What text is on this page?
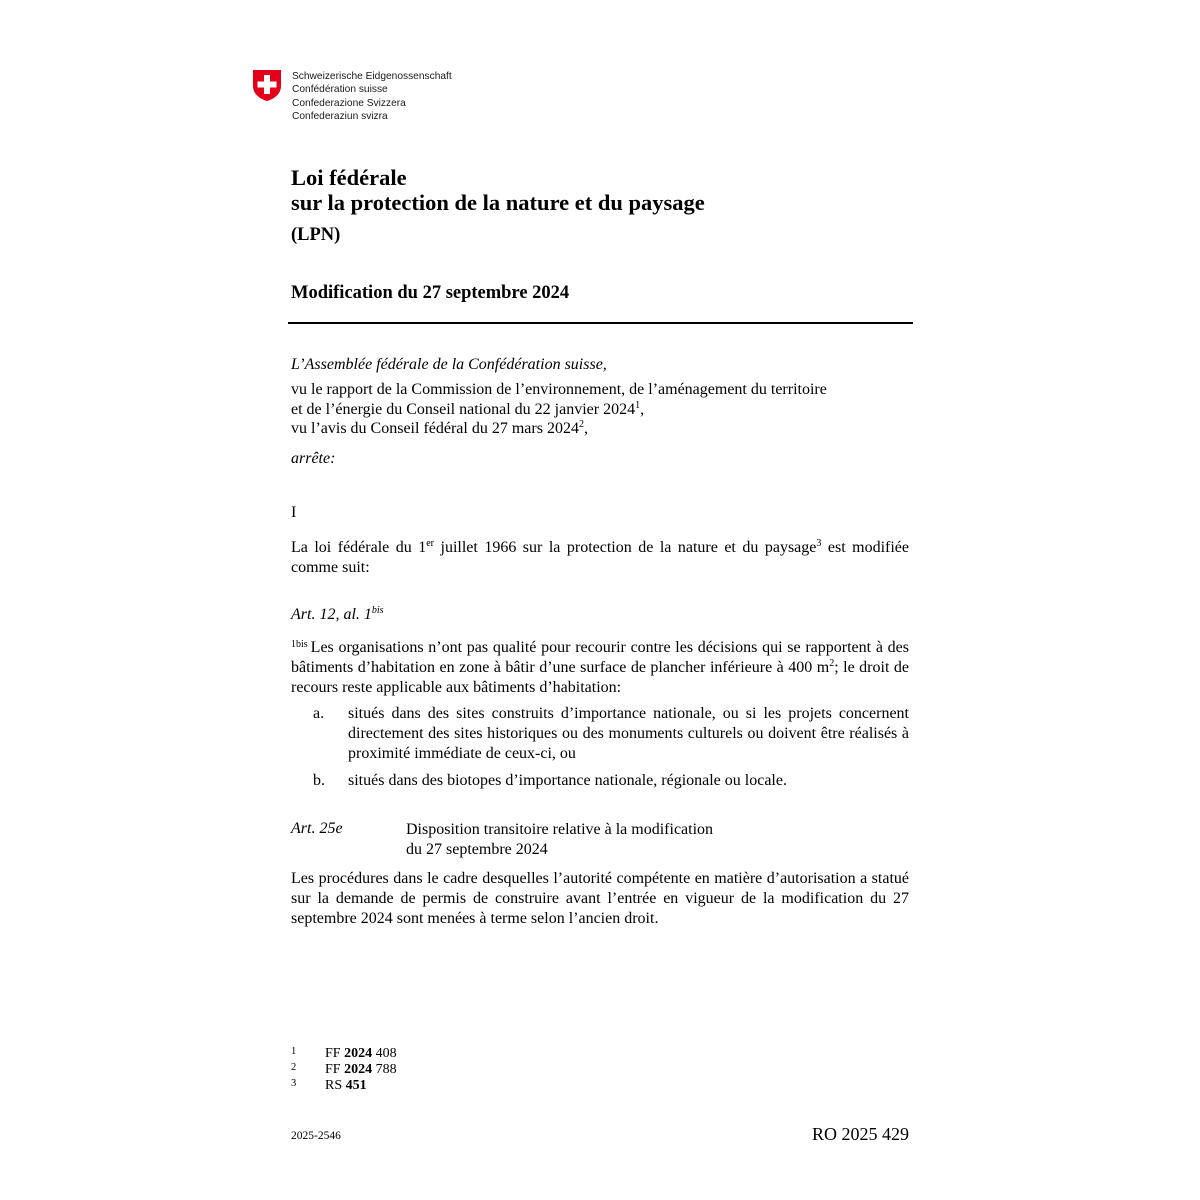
Schweizerische Eidgenossenschaft
Confédération suisse
Confederazione Svizzera
Confederaziun svizra
Loi fédérale
sur la protection de la nature et du paysage
(LPN)
Modification du 27 septembre 2024
L’Assemblée fédérale de la Confédération suisse,
vu le rapport de la Commission de l’environnement, de l’aménagement du territoire
et de l’énergie du Conseil national du 22 janvier 2024$^1$,
vu l’avis du Conseil fédéral du 27 mars 2024$^2$,
arrête:
I
La loi fédérale du 1er juillet 1966 sur la protection de la nature et du paysage$^3$ est modifiée comme suit:
Art. 12, al. $1^{bis}$
$^{1bis}$ Les organisations n’ont pas qualité pour recourir contre les décisions qui se rapportent à des bâtiments d’habitation en zone à bâtir d’une surface de plancher inférieure à 400 $m^2$; le droit de recours reste applicable aux bâtiments d’habitation:
a. situés dans des sites construits d’importance nationale, ou si les projets concernent directement des sites historiques ou des monuments culturels ou doivent être réalisés à proximité immédiate de ceux-ci, ou
b. situés dans des biotopes d’importance nationale, régionale ou locale.
Art. 25e	Disposition transitoire relative à la modification
du 27 septembre 2024
Les procédures dans le cadre desquelles l’autorité compétente en matière d’autorisation a statué sur la demande de permis de construire avant l’entrée en vigueur de la modification du 27 septembre 2024 sont menées à terme selon l’ancien droit.
1 FF 2024 408
2 FF 2024 788
3 RS 451
2025-2546	RO 2025 429
